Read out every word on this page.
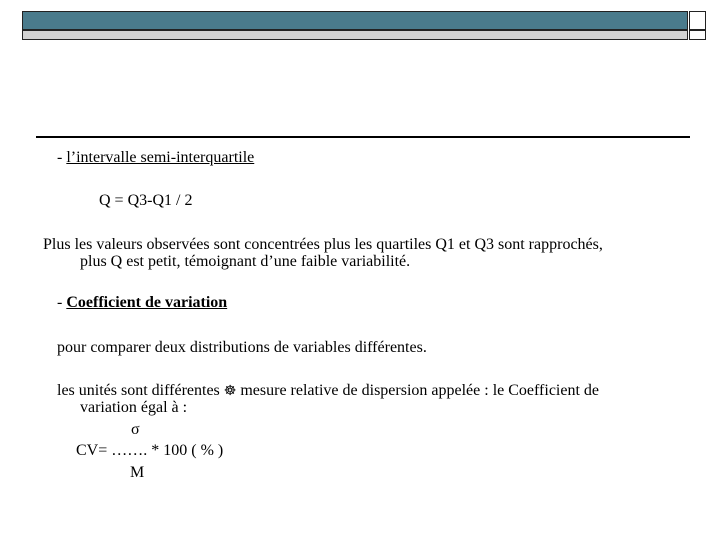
- l’intervalle semi-interquartile
Q = Q3-Q1 / 2
Plus les valeurs observées sont concentrées plus les quartiles Q1 et Q3 sont rapprochés,
plus Q est petit, témoignant d’une faible variabilité.
- Coefficient de variation
pour comparer deux distributions de variables différentes.
les unités sont différentes ☸ mesure relative de dispersion appelée : le Coefficient de
variation égal à :
σ
CV= ……. * 100 ( % )
M
